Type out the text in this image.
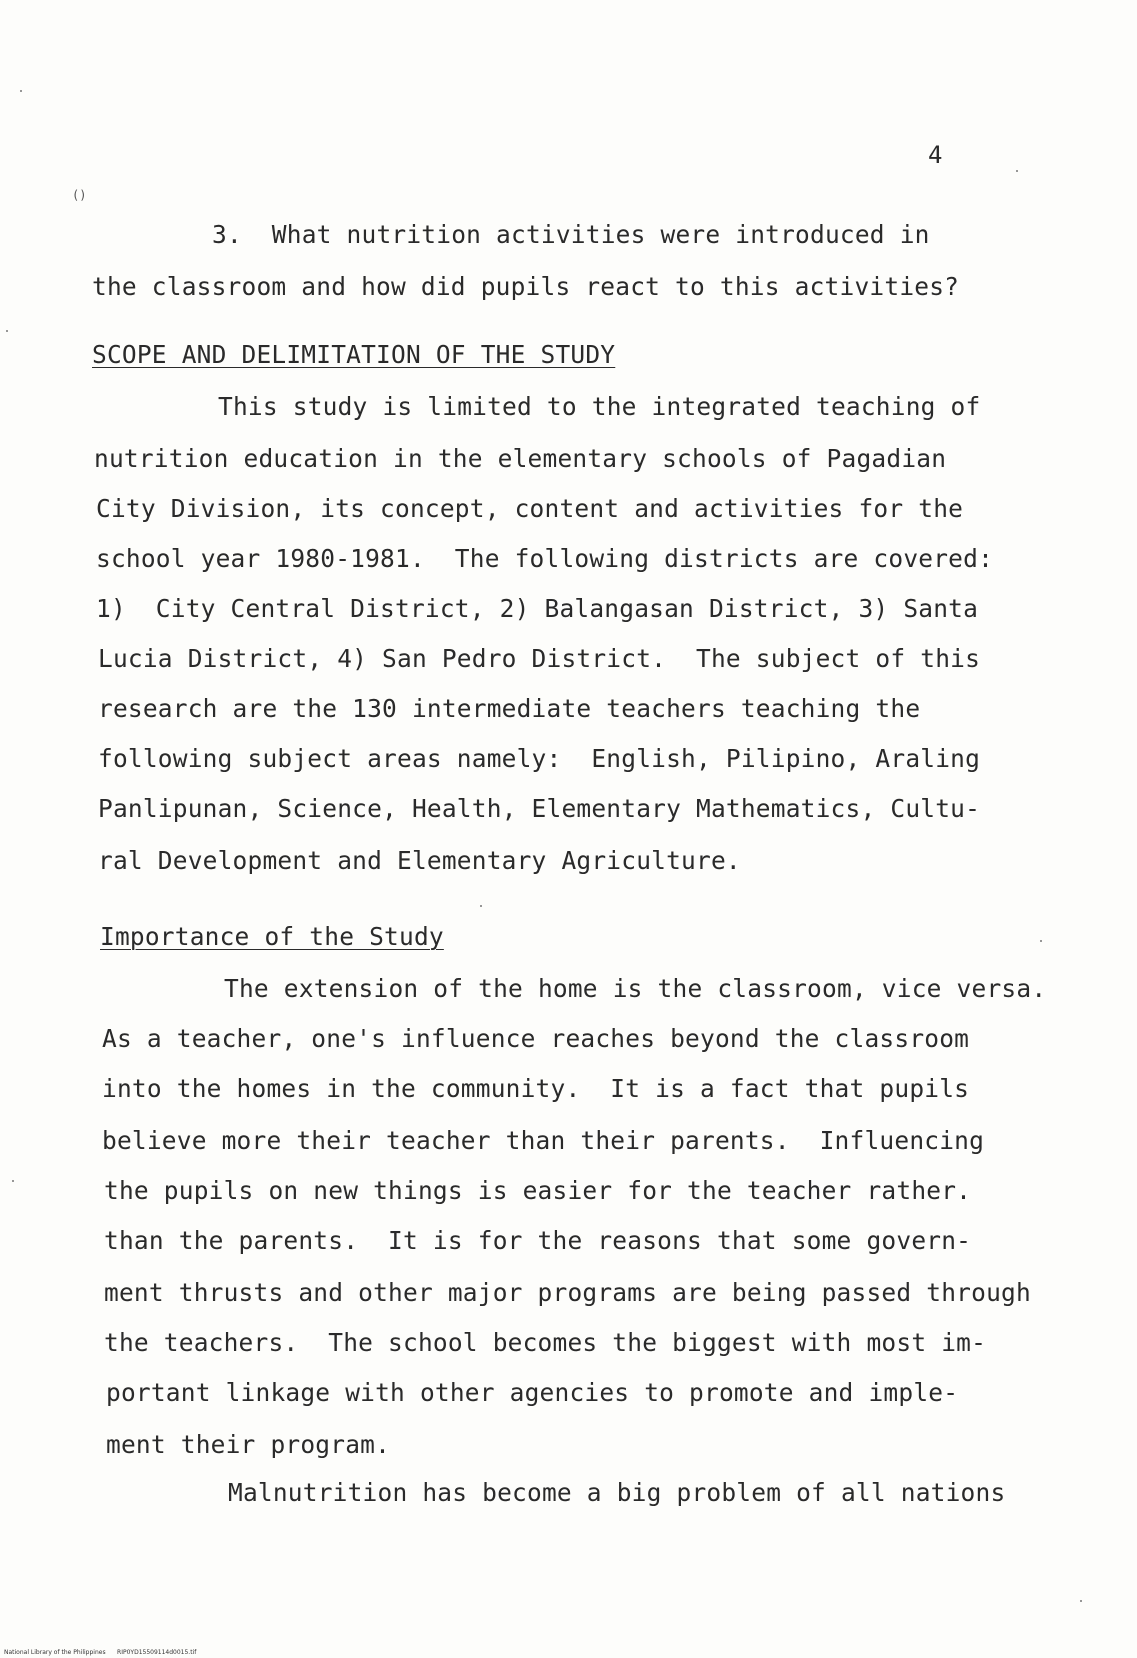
()
4
3.  What nutrition activities were introduced in
the classroom and how did pupils react to this activities?
SCOPE AND DELIMITATION OF THE STUDY
This study is limited to the integrated teaching of
nutrition education in the elementary schools of Pagadian
City Division, its concept, content and activities for the
school year 1980-1981.  The following districts are covered:
1)  City Central District, 2) Balangasan District, 3) Santa
Lucia District, 4) San Pedro District.  The subject of this
research are the 130 intermediate teachers teaching the
following subject areas namely:  English, Pilipino, Araling
Panlipunan, Science, Health, Elementary Mathematics, Cultu-
ral Development and Elementary Agriculture.
Importance of the Study
The extension of the home is the classroom, vice versa.
As a teacher, one's influence reaches beyond the classroom
into the homes in the community.  It is a fact that pupils
believe more their teacher than their parents.  Influencing
the pupils on new things is easier for the teacher rather.
than the parents.  It is for the reasons that some govern-
ment thrusts and other major programs are being passed through
the teachers.  The school becomes the biggest with most im-
portant linkage with other agencies to promote and imple-
ment their program.
Malnutrition has become a big problem of all nations
National Library of the Philippines RIP0YD15509114d0015.tif
